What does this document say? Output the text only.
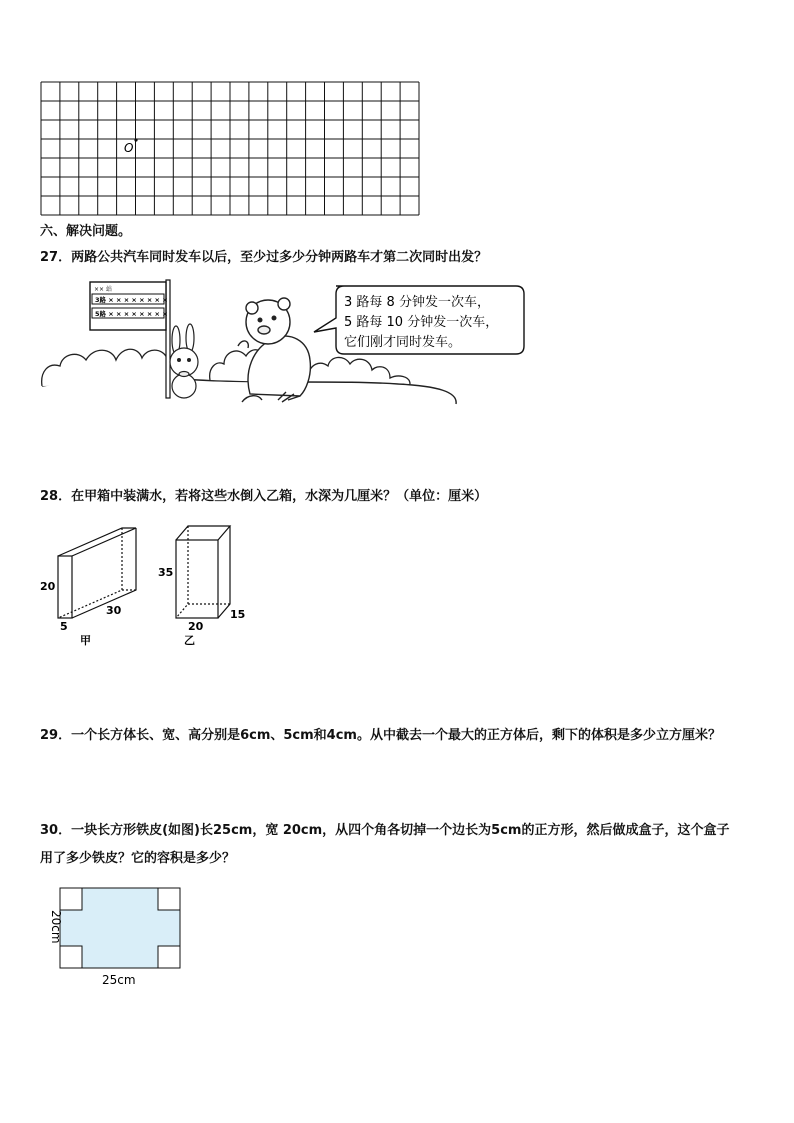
O
六、解决问题。
27．两路公共汽车同时发车以后，至少过多少分钟两路车才第二次同时出发？
×× 站
3路 × × × × × × × ×
5路 × × × × × × × ×
3 路每 8 分钟发一次车，
5 路每 10 分钟发一次车，
它们刚才同时发车。
28．在甲箱中装满水，若将这些水倒入乙箱，水深为几厘米？（单位：厘米）
20
30
5
甲
35
20
15
乙
29．一个长方体长、宽、高分别是6cm、5cm和4cm。从中截去一个最大的正方体后，剩下的体积是多少立方厘米？
30．一块长方形铁皮(如图)长25cm，宽 20cm，从四个角各切掉一个边长为5cm的正方形，然后做成盒子，这个盒子
用了多少铁皮？它的容积是多少？
25cm
20cm
